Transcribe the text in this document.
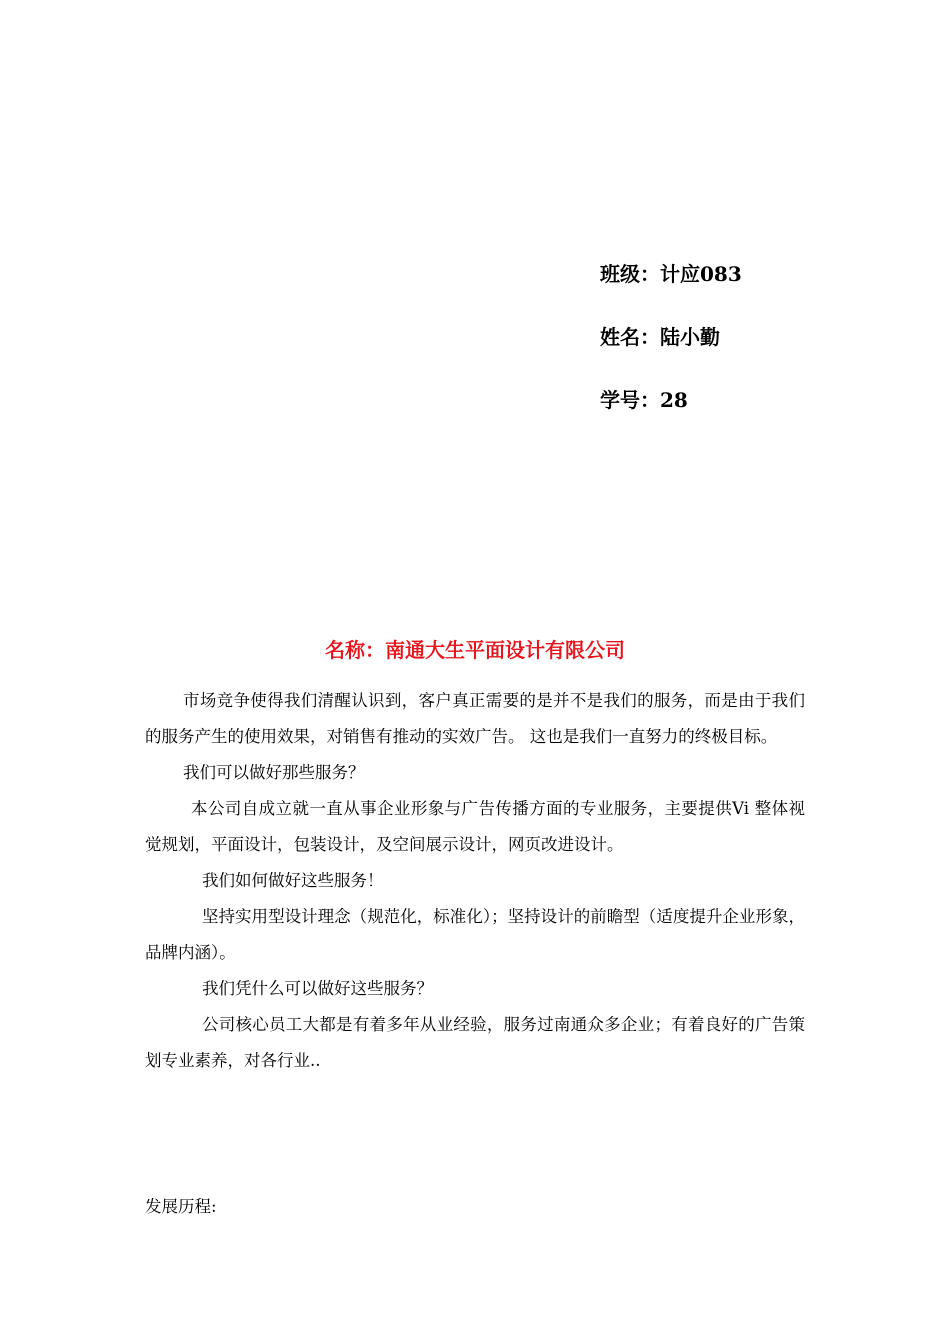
班级：计应083
姓名：陆小勤
学号：28
名称：南通大生平面设计有限公司

市场竞争使得我们清醒认识到，客户真正需要的是并不是我们的服务，而是由于我们的服务产生的使用效果，对销售有推动的实效广告。 这也是我们一直努力的终极目标。

我们可以做好那些服务？

本公司自成立就一直从事企业形象与广告传播方面的专业服务，主要提供Vi 整体视觉规划，平面设计，包装设计，及空间展示设计，网页改进设计。

我们如何做好这些服务！

坚持实用型设计理念（规范化，标准化）；坚持设计的前瞻型（适度提升企业形象，品牌内涵）。

我们凭什么可以做好这些服务？

公司核心员工大都是有着多年从业经验，服务过南通众多企业；有着良好的广告策划专业素养，对各行业..

发展历程:
